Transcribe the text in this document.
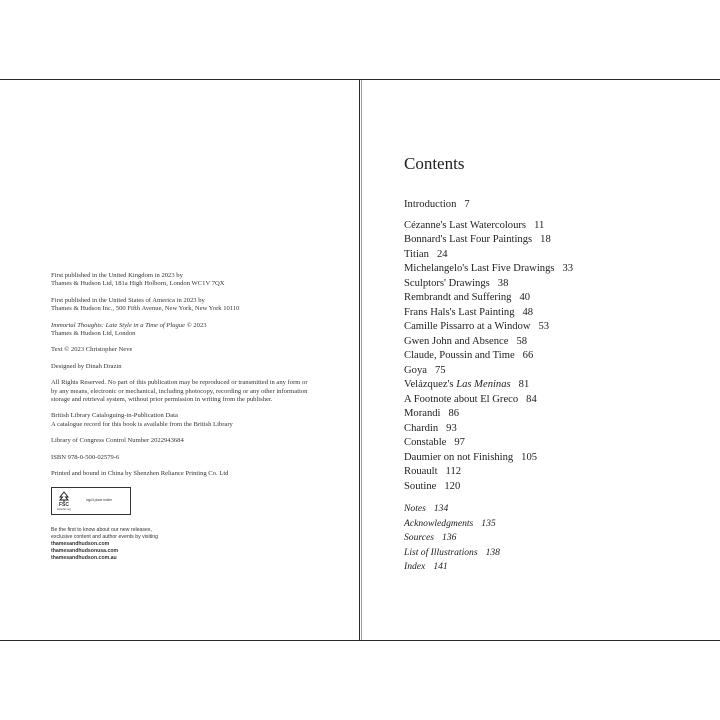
First published in the United Kingdom in 2023 by
Thames & Hudson Ltd, 181a High Holborn, London WC1V 7QX

First published in the United States of America in 2023 by
Thames & Hudson Inc., 500 Fifth Avenue, New York, New York 10110

Immortal Thoughts: Late Style in a Time of Plague © 2023
Thames & Hudson Ltd, London

Text © 2023 Christopher Neve

Designed by Dinah Drazin

All Rights Reserved. No part of this publication may be reproduced or transmitted in any form or by any means, electronic or mechanical, including photocopy, recording or any other information storage and retrieval system, without prior permission in writing from the publisher.

British Library Cataloguing-in-Publication Data
A catalogue record for this book is available from the British Library

Library of Congress Control Number 2022943684

ISBN 978-0-500-02579-6

Printed and bound in China by Shenzhen Reliance Printing Co. Ltd

FSC
www.fsc.org
logo3 place holder
Be the first to know about our new releases,
exclusive content and author events by visiting
thamesandhudson.com
thamesandhudsonusa.com
thamesandhudson.com.au
Contents
Introduction 7
Cézanne's Last Watercolours 11
Bonnard's Last Four Paintings 18
Titian 24
Michelangelo's Last Five Drawings 33
Sculptors' Drawings 38
Rembrandt and Suffering 40
Frans Hals's Last Painting 48
Camille Pissarro at a Window 53
Gwen John and Absence 58
Claude, Poussin and Time 66
Goya 75
Velázquez's Las Meninas 81
A Footnote about El Greco 84
Morandi 86
Chardin 93
Constable 97
Daumier on not Finishing 105
Rouault 112
Soutine 120
Notes 134
Acknowledgments 135
Sources 136
List of Illustrations 138
Index 141
